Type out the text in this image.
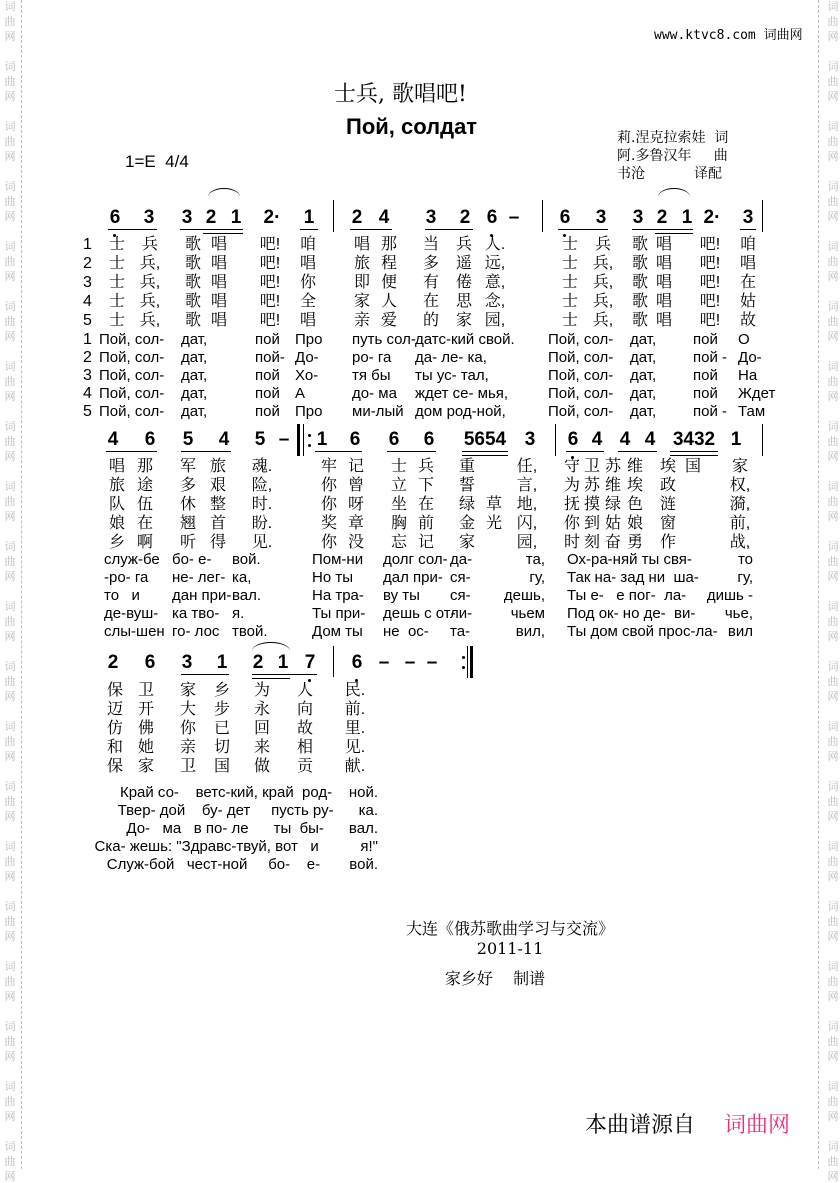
www.ktvc8.com 词曲网
士兵, 歌唱吧!
Пой, солдат
1=E  4/4
莉.涅克拉索娃  词
阿.多鲁汉年     曲
书沧           译配
6 3 3 2 1 2· 1 2 4 3 2 6 – 6 3 3 2 1 2· 3
士 兵 歌 唱 吧! 咱 唱 那 当 兵 人.	士 兵 歌 唱 吧! 咱
士 兵, 歌 唱 吧! 唱 旅 程 多 遥 远,	士 兵, 歌 唱 吧! 唱
士 兵, 歌 唱 吧! 你 即 便 有 倦 意,	士 兵, 歌 唱 吧! 在
士 兵, 歌 唱 吧! 全 家 人 在 思 念,	士 兵, 歌 唱 吧! 姑
士 兵, 歌 唱 吧! 唱 亲 爱 的 家 园,	士 兵, 歌 唱 吧! 故
1
1
2
2
3
3
4
4
5
5
Пой, сол- дат,	пой Про путь сол- датс-кий свой. Пой, сол- дат, пой О
Пой, сол- дат,	пой- До- ро- га да- ле- ка,	Пой, сол- дат, пой - До-
Пой, сол- дат,	пой Хо- тя бы ты ус- тал,	Пой, сол- дат, пой На
Пой, сол- дат,	пой А	до- ма ждет се- мья,	Пой, сол- дат, пой Ждет
Пой, сол- дат,	пой Про ми-лый дом род-ной,	Пой, сол- дат, пой - Там
4 6 5 4 5 – 1 6 6 6 5654 3 6 4 4 4 3432 1
唱 那 军 旅 魂.	牢 记 士 兵 重	任, 守 卫 苏 维 埃 国 家
旅 途 多 艰 险,	你 曾 立 下 誓	言, 为 苏 维 埃 政	权,
队 伍 休 整 时.	你 呀 坐 在 绿 草 地, 抚 摸 绿 色 涟	漪,
娘 在 翘 首 盼.	奖 章 胸 前 金 光 闪, 你 到 姑 娘 窗	前,
乡 啊 听 得 见.	你 没 忘 记 家	园, 时 刻 奋 勇 作	战,
служ-бе бо- е- вой.	Пом-ни долг сол- да-	та, Ох-ра-няй ты свя-	то
-ро- га не- лег- ка,	Но ты дал при- ся-	гу, Так на- зад ни  ша-	гу,
то   и дан при- вал.	На тра- ву ты ся- дешь, Ты е-   е пог-  ла- дишь -
де-вуш- ка тво- я.	Ты при- дешь с от-
ли-	чьем Под ок- но де-  ви- чье,
слы-шен го- лос твой.	Дом ты не  ос- та-	вил, Ты дом свой прос-ла- вил
2 6 3 1 2 1 7 6 – – –
保 卫 家 乡 为 人 民.
迈 开 大 步 永 向 前.
仿 佛 你 已 回 故 里.
和 她 亲 切 来 相 见.
保 家 卫 国 做 贡 献.
Край со-    ветс-кий, край  род-    ной.
Твер- дой    бу- дет     пусть ру-      ка.
До-   ма   в по- ле      ты  бы-      вал.
Ска- жешь: "Здравс-твуй, вот   и          я!"
Служ-бой   чест-ной     бо-    е-       вой.
大连《俄苏歌曲学习与交流》
2011-11
家乡好    制谱
本曲谱源自 词曲网
词	词
曲	曲
网	网
词	词
曲	曲
网	网
词	词
曲	曲
网	网
词	词
曲	曲
网	网
词	词
曲	曲
网	网
词	词
曲	曲
网	网
词	词
曲	曲
网	网
词	词
曲	曲
网	网
词	词
曲	曲
网	网
词	词
曲	曲
网	网
词	词
曲	曲
网	网
词	词
曲	曲
网	网
词	词
曲	曲
网	网
词	词
曲	曲
网	网
词	词
曲	曲
网	网
词	词
曲	曲
网	网
词	词
曲	曲
网	网
词	词
曲	曲
网	网
词	词
曲	曲
网	网
词	词
曲	曲
网	网
